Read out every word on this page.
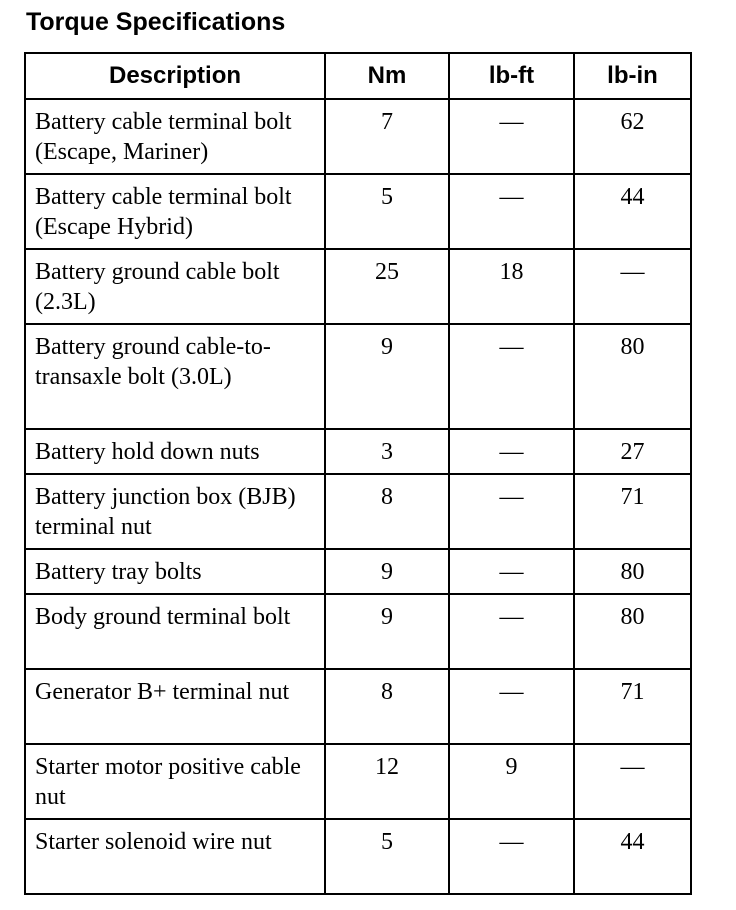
Torque Specifications
Description	Nm	lb-ft	lb-in
Battery cable terminal bolt (Escape, Mariner)	7	—	62
Battery cable terminal bolt (Escape Hybrid)	5	—	44
Battery ground cable bolt (2.3L)	25	18	—
Battery ground cable-to-transaxle bolt (3.0L)	9	—	80
Battery hold down nuts	3	—	27
Battery junction box (BJB) terminal nut	8	—	71
Battery tray bolts	9	—	80
Body ground terminal bolt	9	—	80
Generator B+ terminal nut	8	—	71
Starter motor positive cable nut	12	9	—
Starter solenoid wire nut	5	—	44
